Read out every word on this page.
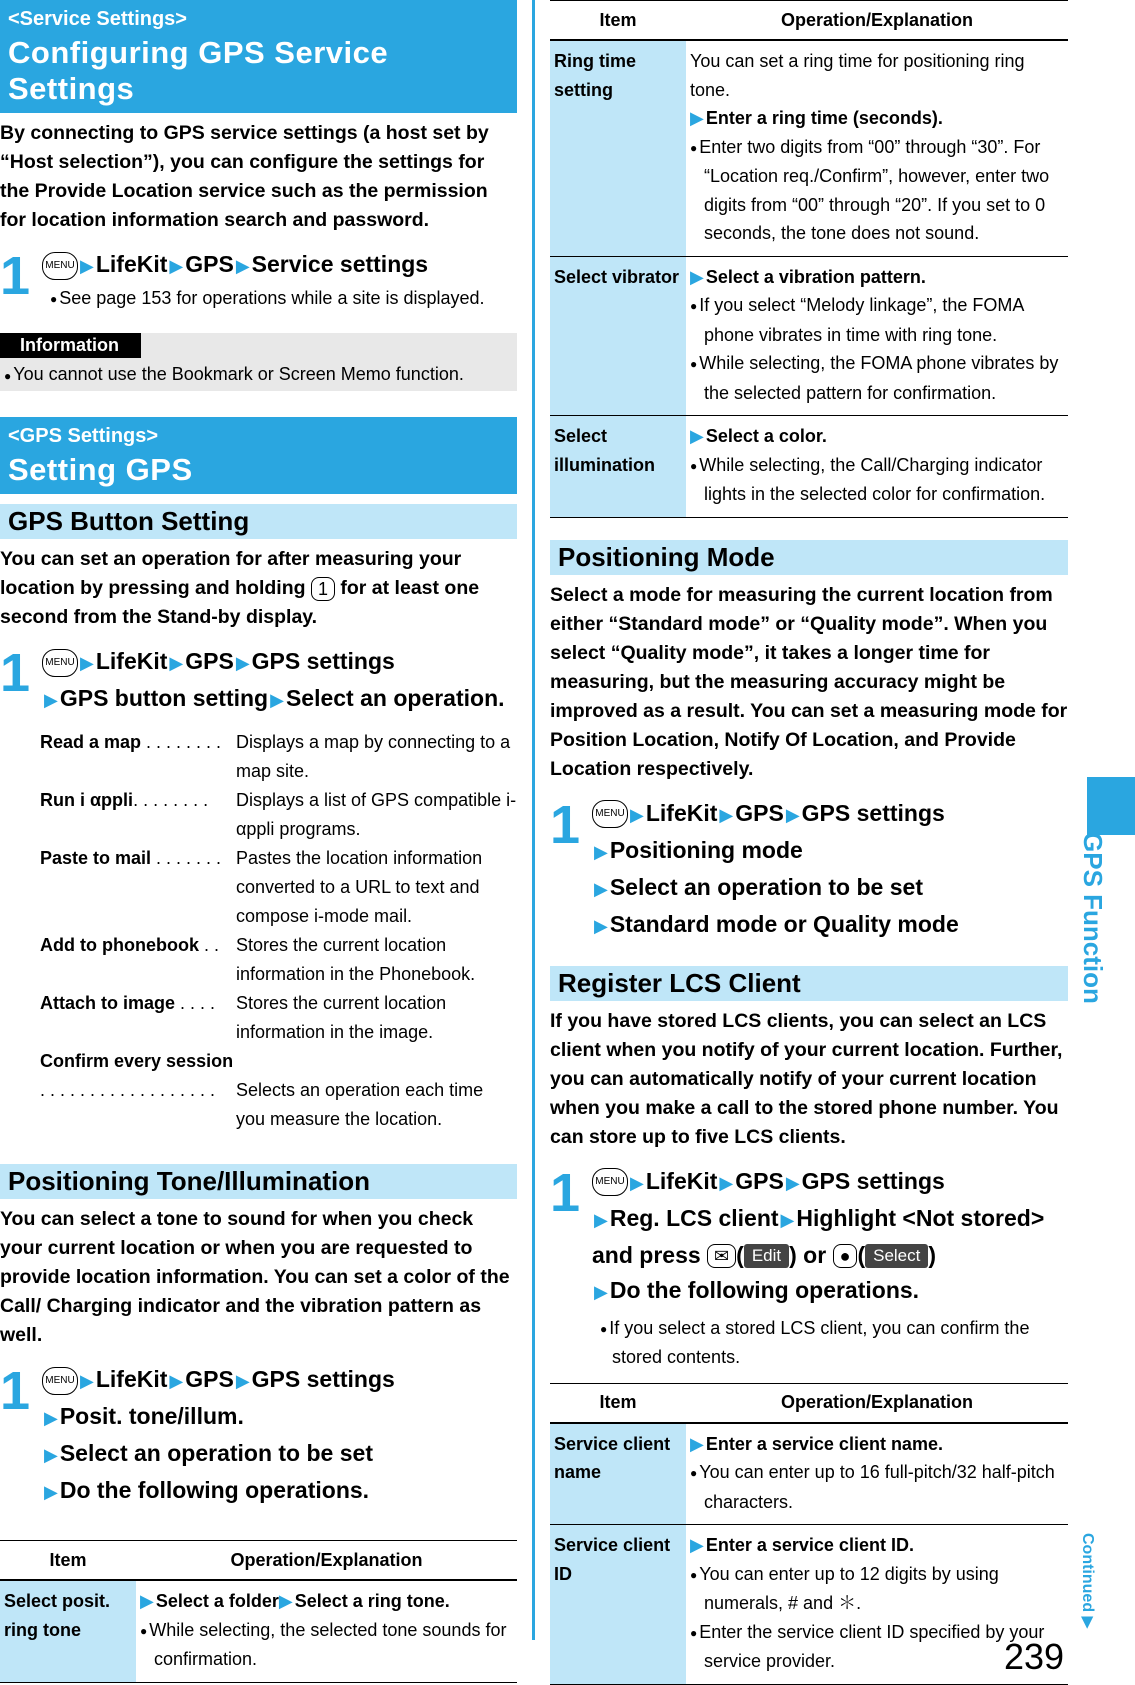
<Service Settings>
Configuring GPS Service Settings
By connecting to GPS service settings (a host set by “Host selection”), you can configure the settings for the Provide Location service such as the permission for location information search and password.
1	MENU ▶LifeKit ▶GPS ▶Service settings
● See page 153 for operations while a site is displayed.
Information
● You cannot use the Bookmark or Screen Memo function.
<GPS Settings>
Setting GPS
GPS Button Setting
You can set an operation for after measuring your location by pressing and holding 1 for at least one second from the Stand-by display.
1	MENU ▶LifeKit ▶GPS ▶GPS settings
▶GPS button setting ▶Select an operation.
Read a map . . . . . . . . Displays a map by connecting to a map site.
Run i αppli. . . . . . . .	Displays a list of GPS compatible i-αppli programs.
Paste to mail . . . . . . . Pastes the location information converted to a URL to text and compose i-mode mail.
Add to phonebook . . Stores the current location information in the Phonebook.
Attach to image . . . .	Stores the current location information in the image.
Confirm every session
. . . . . . . . . . . . . . . . . .	Selects an operation each time you measure the location.
Positioning Tone/Illumination
You can select a tone to sound for when you check your current location or when you are requested to provide location information. You can set a color of the Call/ Charging indicator and the vibration pattern as well.
1	MENU ▶LifeKit ▶GPS ▶GPS settings
▶Posit. tone/illum.
▶Select an operation to be set
▶Do the following operations.
Item	Operation/Explanation
Select posit. ring tone	▶ Select a folder▶ Select a ring tone.
● While selecting, the selected tone sounds for confirmation.
Item	Operation/Explanation
Ring time setting	You can set a ring time for positioning ring tone.
▶ Enter a ring time (seconds).
● Enter two digits from “00” through “30”. For “Location req./Confirm”, however, enter two digits from “00” through “20”. If you set to 0 seconds, the tone does not sound.

Select vibrator	▶ Select a vibration pattern.
● If you select “Melody linkage”, the FOMA phone vibrates in time with ring tone.
● While selecting, the FOMA phone vibrates by the selected pattern for confirmation.

Select illumination	▶ Select a color.
● While selecting, the Call/Charging indicator lights in the selected color for confirmation.
Positioning Mode
Select a mode for measuring the current location from either “Standard mode” or “Quality mode”. When you select “Quality mode”, it takes a longer time for measuring, but the measuring accuracy might be improved as a result. You can set a measuring mode for Position Location, Notify Of Location, and Provide Location respectively.
1	MENU ▶LifeKit ▶GPS ▶GPS settings
▶Positioning mode
▶Select an operation to be set
▶Standard mode or Quality mode
Register LCS Client
If you have stored LCS clients, you can select an LCS client when you notify of your current location. Further, you can automatically notify of your current location when you make a call to the stored phone number. You can store up to five LCS clients.
1	MENU ▶LifeKit ▶GPS ▶GPS settings
▶Reg. LCS client ▶Highlight <Not stored>
and press ✉ ( Edit ) or ● ( Select )
▶Do the following operations.
● If you select a stored LCS client, you can confirm the stored contents.
Item	Operation/Explanation
Service client name	▶ Enter a service client name.
● You can enter up to 16 full-pitch/32 half-pitch characters.

Service client ID	▶ Enter a service client ID.
● You can enter up to 12 digits by using numerals, # and ＊.
● Enter the service client ID specified by your service provider.
GPS Function
Continued ▶
239
